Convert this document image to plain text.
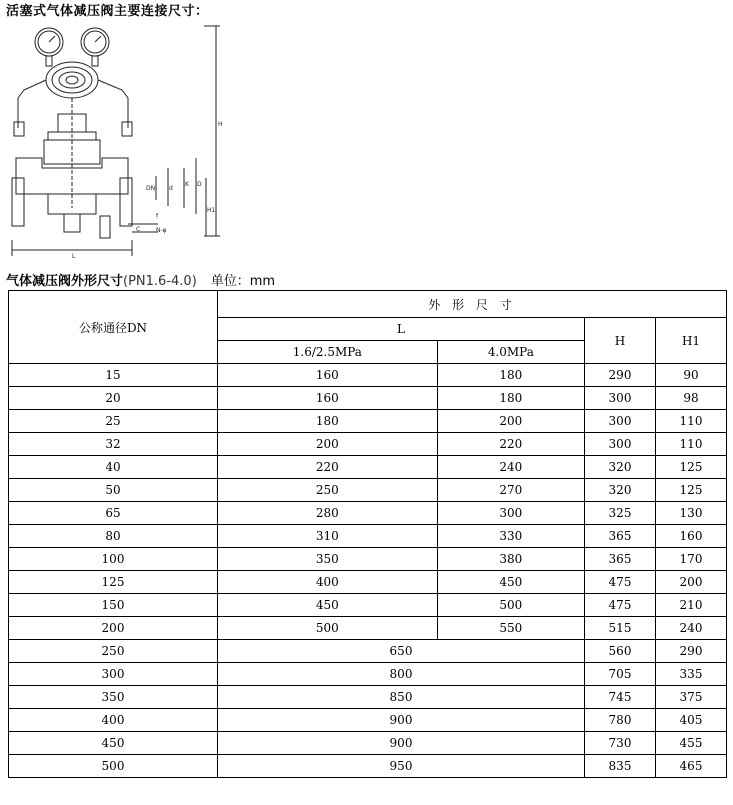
活塞式气体减压阀主要连接尺寸：
H
H1
L
DN
D
K
d
C	N-φ
f
气体减压阀外形尺寸(PN1.6-4.0) 单位：mm
公称通径DN	外 形 尺 寸			
	L		H	H1
	1.6/2.5MPa	4.0MPa		
15	160	180	290	90
20	160	180	300	98
25	180	200	300	110
32	200	220	300	110
40	220	240	320	125
50	250	270	320	125
65	280	300	325	130
80	310	330	365	160
100	350	380	365	170
125	400	450	475	200
150	450	500	475	210
200	500	550	515	240
250	650		560	290
300	800		705	335
350	850		745	375
400	900		780	405
450	900		730	455
500	950		835	465
